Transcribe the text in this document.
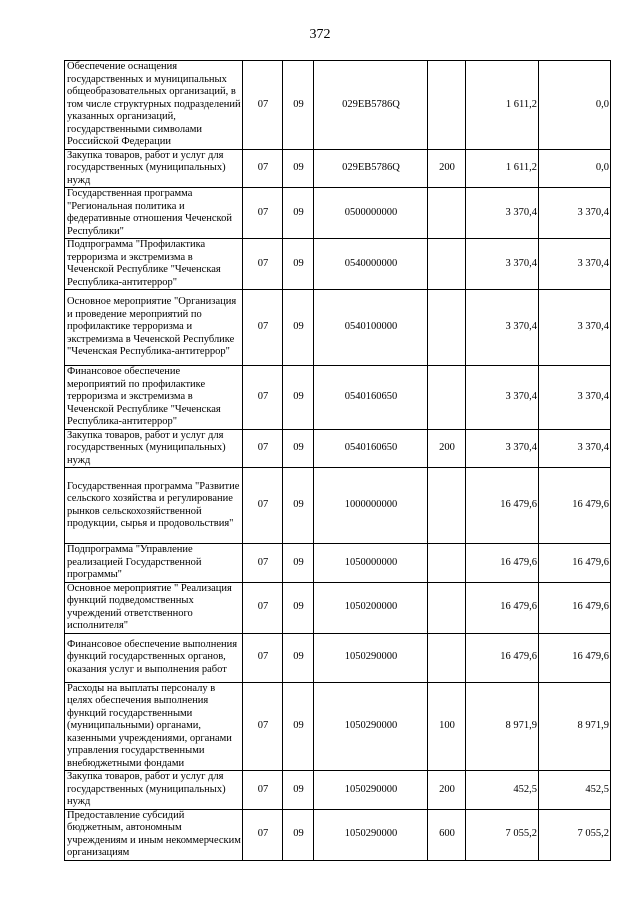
372
Обеспечение оснащения государственных и муниципальных общеобразовательных организаций, в том числе структурных подразделений указанных организаций, государственными символами Российской Федерации	07	09	029EB5786Q		1 611,2	0,0
Закупка товаров, работ и услуг для государственных (муниципальных) нужд	07	09	029EB5786Q	200	1 611,2	0,0
Государственная программа "Региональная политика и федеративные отношения Чеченской Республики"	07	09	0500000000		3 370,4	3 370,4
Подпрограмма "Профилактика терроризма и экстремизма в Чеченской Республике "Чеченская Республика-антитеррор"	07	09	0540000000		3 370,4	3 370,4
Основное мероприятие "Организация и проведение мероприятий по профилактике терроризма и экстремизма в Чеченской Республике "Чеченская Республика-антитеррор"	07	09	0540100000		3 370,4	3 370,4
Финансовое обеспечение мероприятий по профилактике терроризма и экстремизма в Чеченской Республике "Чеченская Республика-антитеррор"	07	09	0540160650		3 370,4	3 370,4
Закупка товаров, работ и услуг для государственных (муниципальных) нужд	07	09	0540160650	200	3 370,4	3 370,4
Государственная программа "Развитие сельского хозяйства и регулирование рынков сельскохозяйственной продукции, сырья и продовольствия"	07	09	1000000000		16 479,6	16 479,6
Подпрограмма "Управление реализацией Государственной программы"	07	09	1050000000		16 479,6	16 479,6
Основное мероприятие " Реализация функций подведомственных учреждений ответственного исполнителя"	07	09	1050200000		16 479,6	16 479,6
Финансовое обеспечение выполнения функций государственных органов, оказания услуг и выполнения работ	07	09	1050290000		16 479,6	16 479,6
Расходы на выплаты персоналу в целях обеспечения выполнения функций государственными (муниципальными) органами, казенными учреждениями, органами управления государственными внебюджетными фондами	07	09	1050290000	100	8 971,9	8 971,9
Закупка товаров, работ и услуг для государственных (муниципальных) нужд	07	09	1050290000	200	452,5	452,5
Предоставление субсидий бюджетным, автономным учреждениям и иным некоммерческим организациям	07	09	1050290000	600	7 055,2	7 055,2
